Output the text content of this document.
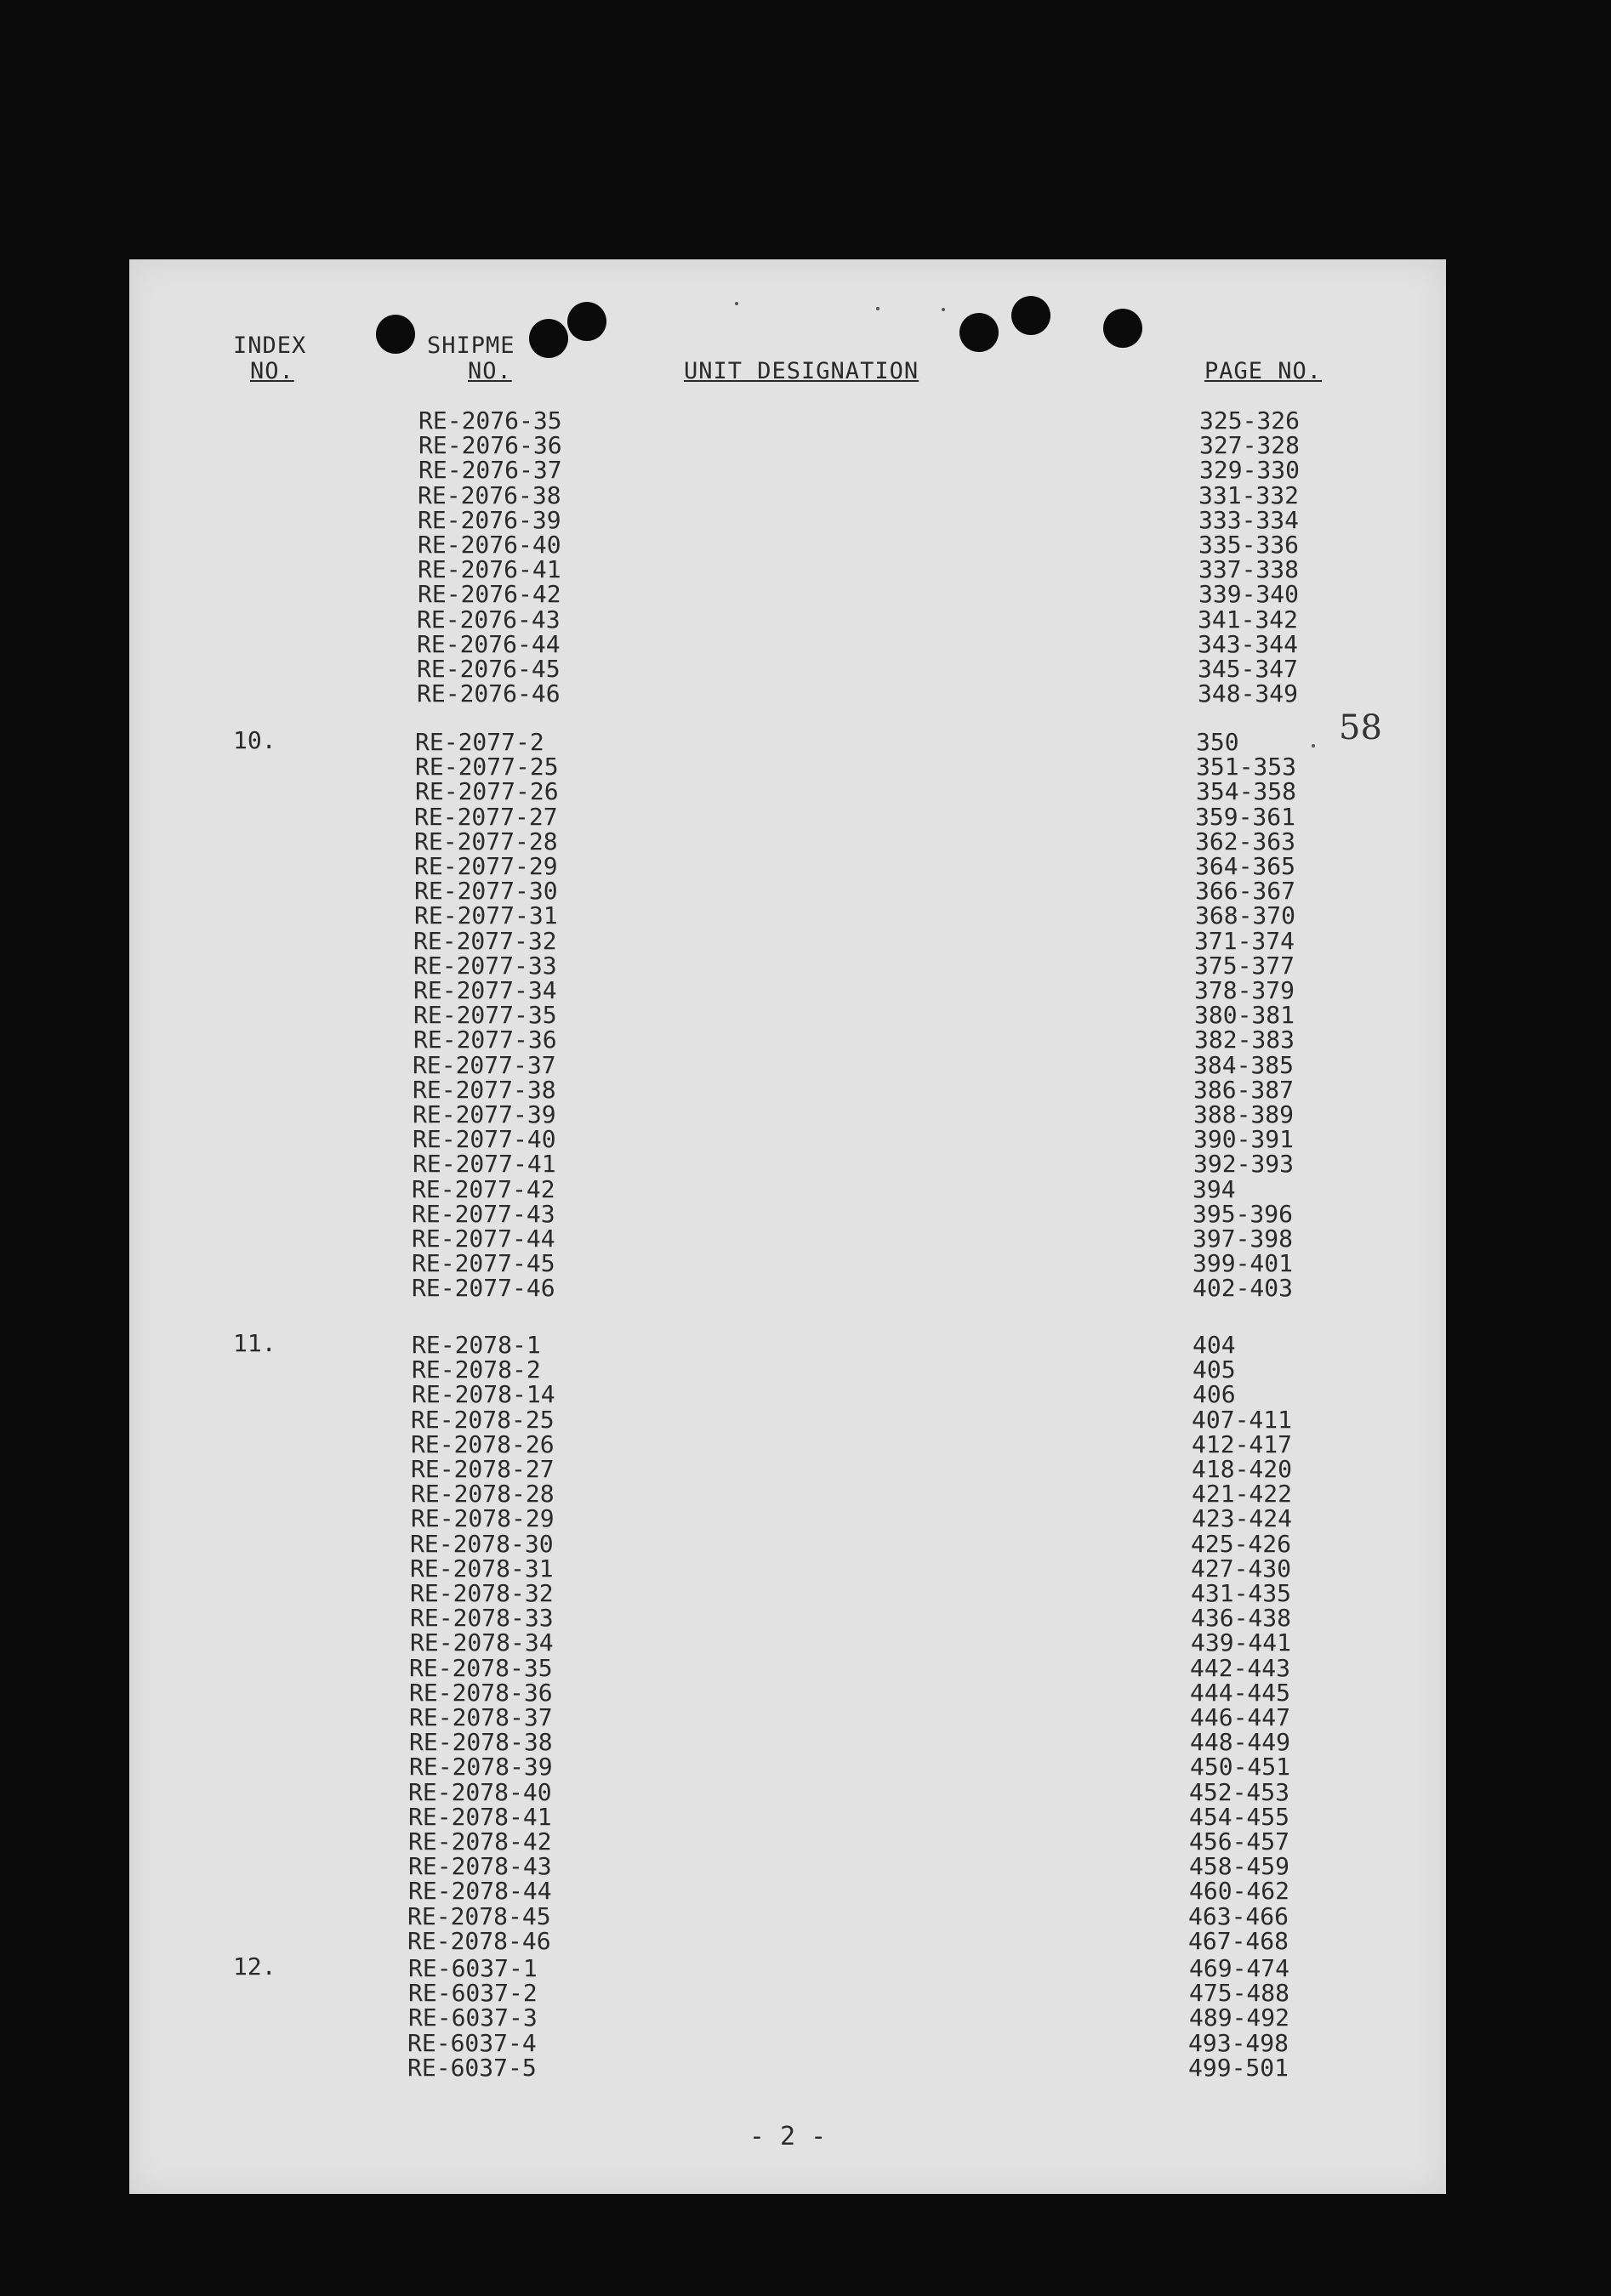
INDEX
NO.
SHIPME
NO.	UNIT DESIGNATION	PAGE NO.
58
RE-2076-35	325-326
RE-2076-36	327-328
RE-2076-37	329-330
RE-2076-38	331-332
RE-2076-39	333-334
RE-2076-40	335-336
RE-2076-41	337-338
RE-2076-42	339-340
RE-2076-43	341-342
RE-2076-44	343-344
RE-2076-45	345-347
RE-2076-46	348-349
10.	RE-2077-2	350
RE-2077-25	351-353
RE-2077-26	354-358
RE-2077-27	359-361
RE-2077-28	362-363
RE-2077-29	364-365
RE-2077-30	366-367
RE-2077-31	368-370
RE-2077-32	371-374
RE-2077-33	375-377
RE-2077-34	378-379
RE-2077-35	380-381
RE-2077-36	382-383
RE-2077-37	384-385
RE-2077-38	386-387
RE-2077-39	388-389
RE-2077-40	390-391
RE-2077-41	392-393
RE-2077-42	394
RE-2077-43	395-396
RE-2077-44	397-398
RE-2077-45	399-401
RE-2077-46	402-403
11.	RE-2078-1	404
RE-2078-2	405
RE-2078-14	406
RE-2078-25	407-411
RE-2078-26	412-417
RE-2078-27	418-420
RE-2078-28	421-422
RE-2078-29	423-424
RE-2078-30	425-426
RE-2078-31	427-430
RE-2078-32	431-435
RE-2078-33	436-438
RE-2078-34	439-441
RE-2078-35	442-443
RE-2078-36	444-445
RE-2078-37	446-447
RE-2078-38	448-449
RE-2078-39	450-451
RE-2078-40	452-453
RE-2078-41	454-455
RE-2078-42	456-457
RE-2078-43	458-459
RE-2078-44	460-462
RE-2078-45	463-466
RE-2078-46	467-468
12.	RE-6037-1	469-474
RE-6037-2	475-488
RE-6037-3	489-492
RE-6037-4	493-498
RE-6037-5	499-501
- 2 -
